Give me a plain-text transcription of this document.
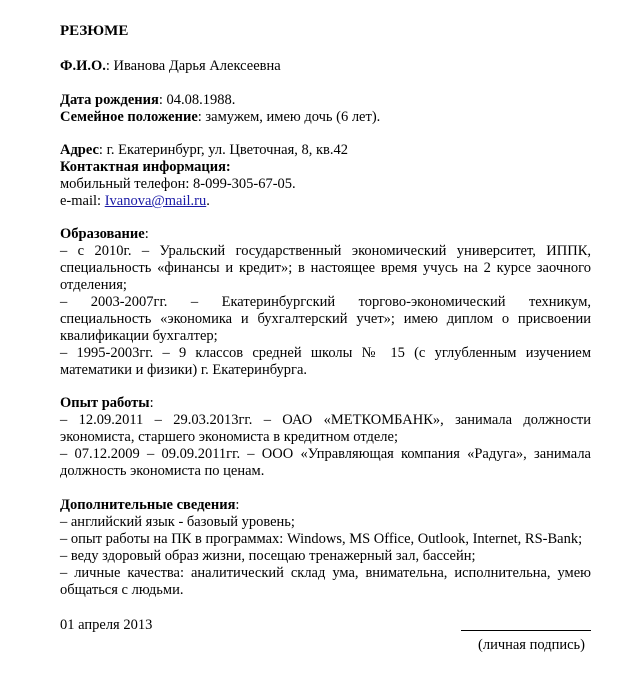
РЕЗЮМЕ
Ф.И.О.: Иванова Дарья Алексеевна
Дата рождения: 04.08.1988.
Семейное положение: замужем, имею дочь (6 лет).
Адрес: г. Екатеринбург, ул. Цветочная, 8, кв.42
Контактная информация:
мобильный телефон: 8-099-305-67-05.
e-mail: Ivanova@mail.ru.
Образование:
– с 2010г. – Уральский государственный экономический университет, ИППК,
специальность «финансы и кредит»; в настоящее время учусь на 2 курсе заочного
отделения;
– 2003-2007гг. – Екатеринбургский торгово-экономический техникум,
специальность «экономика и бухгалтерский учет»; имею диплом о присвоении
квалификации бухгалтер;
– 1995-2003гг. – 9 классов средней школы № 15 (с углубленным изучением
математики и физики) г. Екатеринбурга.
Опыт работы:
– 12.09.2011 – 29.03.2013гг. – ОАО «МЕТКОМБАНК», занимала должности
экономиста, старшего экономиста в кредитном отделе;
– 07.12.2009 – 09.09.2011гг. – ООО «Управляющая компания «Радуга», занимала
должность экономиста по ценам.
Дополнительные сведения:
– английский язык - базовый уровень;
– опыт работы на ПК в программах: Windows, MS Office, Outlook, Internet, RS-Bank;
– веду здоровый образ жизни, посещаю тренажерный зал, бассейн;
– личные качества: аналитический склад ума, внимательна, исполнительна, умею
общаться с людьми.
01 апреля 2013
(личная подпись)
